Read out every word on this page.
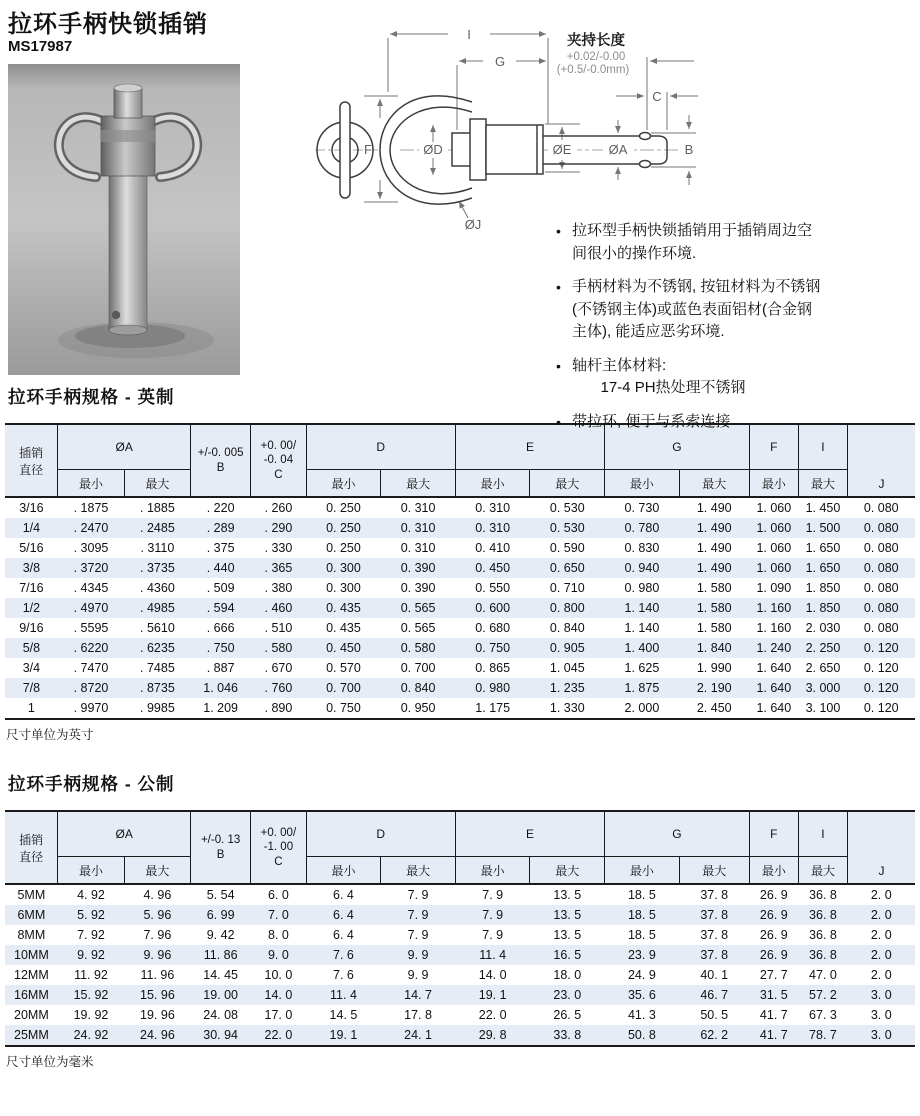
拉环手柄快锁插销
MS17987
I
G
C
B
F	ØD	ØE	ØA
ØJ
夹持长度
+0.02/-0.00
(+0.5/-0.0mm)
• 拉环型手柄快锁插销用于插销周边空
间很小的操作环境.
• 手柄材料为不锈钢, 按钮材料为不锈钢
(不锈钢主体)或蓝色表面铝材(合金钢
主体), 能适应恶劣环境.
• 轴杆主体材料:
17-4 PH热处理不锈钢
• 带拉环, 便于与系索连接
拉环手柄规格 - 英制
插销
直径	ØA		+/-0. 005
B	+0. 00/
-0. 04
C	D		E		G		F	I	J
	最小	最大			最小	最大	最小	最大	最小	最大	最小	最大	
3/16	. 1875	. 1885	. 220	. 260	0. 250	0. 310	0. 310	0. 530	0. 730	1. 490	1. 060	1. 450	0. 080
1/4	. 2470	. 2485	. 289	. 290	0. 250	0. 310	0. 310	0. 530	0. 780	1. 490	1. 060	1. 500	0. 080
5/16	. 3095	. 3110	. 375	. 330	0. 250	0. 310	0. 410	0. 590	0. 830	1. 490	1. 060	1. 650	0. 080
3/8	. 3720	. 3735	. 440	. 365	0. 300	0. 390	0. 450	0. 650	0. 940	1. 490	1. 060	1. 650	0. 080
7/16	. 4345	. 4360	. 509	. 380	0. 300	0. 390	0. 550	0. 710	0. 980	1. 580	1. 090	1. 850	0. 080
1/2	. 4970	. 4985	. 594	. 460	0. 435	0. 565	0. 600	0. 800	1. 140	1. 580	1. 160	1. 850	0. 080
9/16	. 5595	. 5610	. 666	. 510	0. 435	0. 565	0. 680	0. 840	1. 140	1. 580	1. 160	2. 030	0. 080
5/8	. 6220	. 6235	. 750	. 580	0. 450	0. 580	0. 750	0. 905	1. 400	1. 840	1. 240	2. 250	0. 120
3/4	. 7470	. 7485	. 887	. 670	0. 570	0. 700	0. 865	1. 045	1. 625	1. 990	1. 640	2. 650	0. 120
7/8	. 8720	. 8735	1. 046	. 760	0. 700	0. 840	0. 980	1. 235	1. 875	2. 190	1. 640	3. 000	0. 120
1	. 9970	. 9985	1. 209	. 890	0. 750	0. 950	1. 175	1. 330	2. 000	2. 450	1. 640	3. 100	0. 120
尺寸单位为英寸
拉环手柄规格 - 公制
插销
直径	ØA		+/-0. 13
B	+0. 00/
-1. 00
C	D		E		G		F	I	J
	最小	最大			最小	最大	最小	最大	最小	最大	最小	最大	
5MM	4. 92	4. 96	5. 54	6. 0	6. 4	7. 9	7. 9	13. 5	18. 5	37. 8	26. 9	36. 8	2. 0
6MM	5. 92	5. 96	6. 99	7. 0	6. 4	7. 9	7. 9	13. 5	18. 5	37. 8	26. 9	36. 8	2. 0
8MM	7. 92	7. 96	9. 42	8. 0	6. 4	7. 9	7. 9	13. 5	18. 5	37. 8	26. 9	36. 8	2. 0
10MM	9. 92	9. 96	11. 86	9. 0	7. 6	9. 9	11. 4	16. 5	23. 9	37. 8	26. 9	36. 8	2. 0
12MM	11. 92	11. 96	14. 45	10. 0	7. 6	9. 9	14. 0	18. 0	24. 9	40. 1	27. 7	47. 0	2. 0
16MM	15. 92	15. 96	19. 00	14. 0	11. 4	14. 7	19. 1	23. 0	35. 6	46. 7	31. 5	57. 2	3. 0
20MM	19. 92	19. 96	24. 08	17. 0	14. 5	17. 8	22. 0	26. 5	41. 3	50. 5	41. 7	67. 3	3. 0
25MM	24. 92	24. 96	30. 94	22. 0	19. 1	24. 1	29. 8	33. 8	50. 8	62. 2	41. 7	78. 7	3. 0
尺寸单位为毫米
